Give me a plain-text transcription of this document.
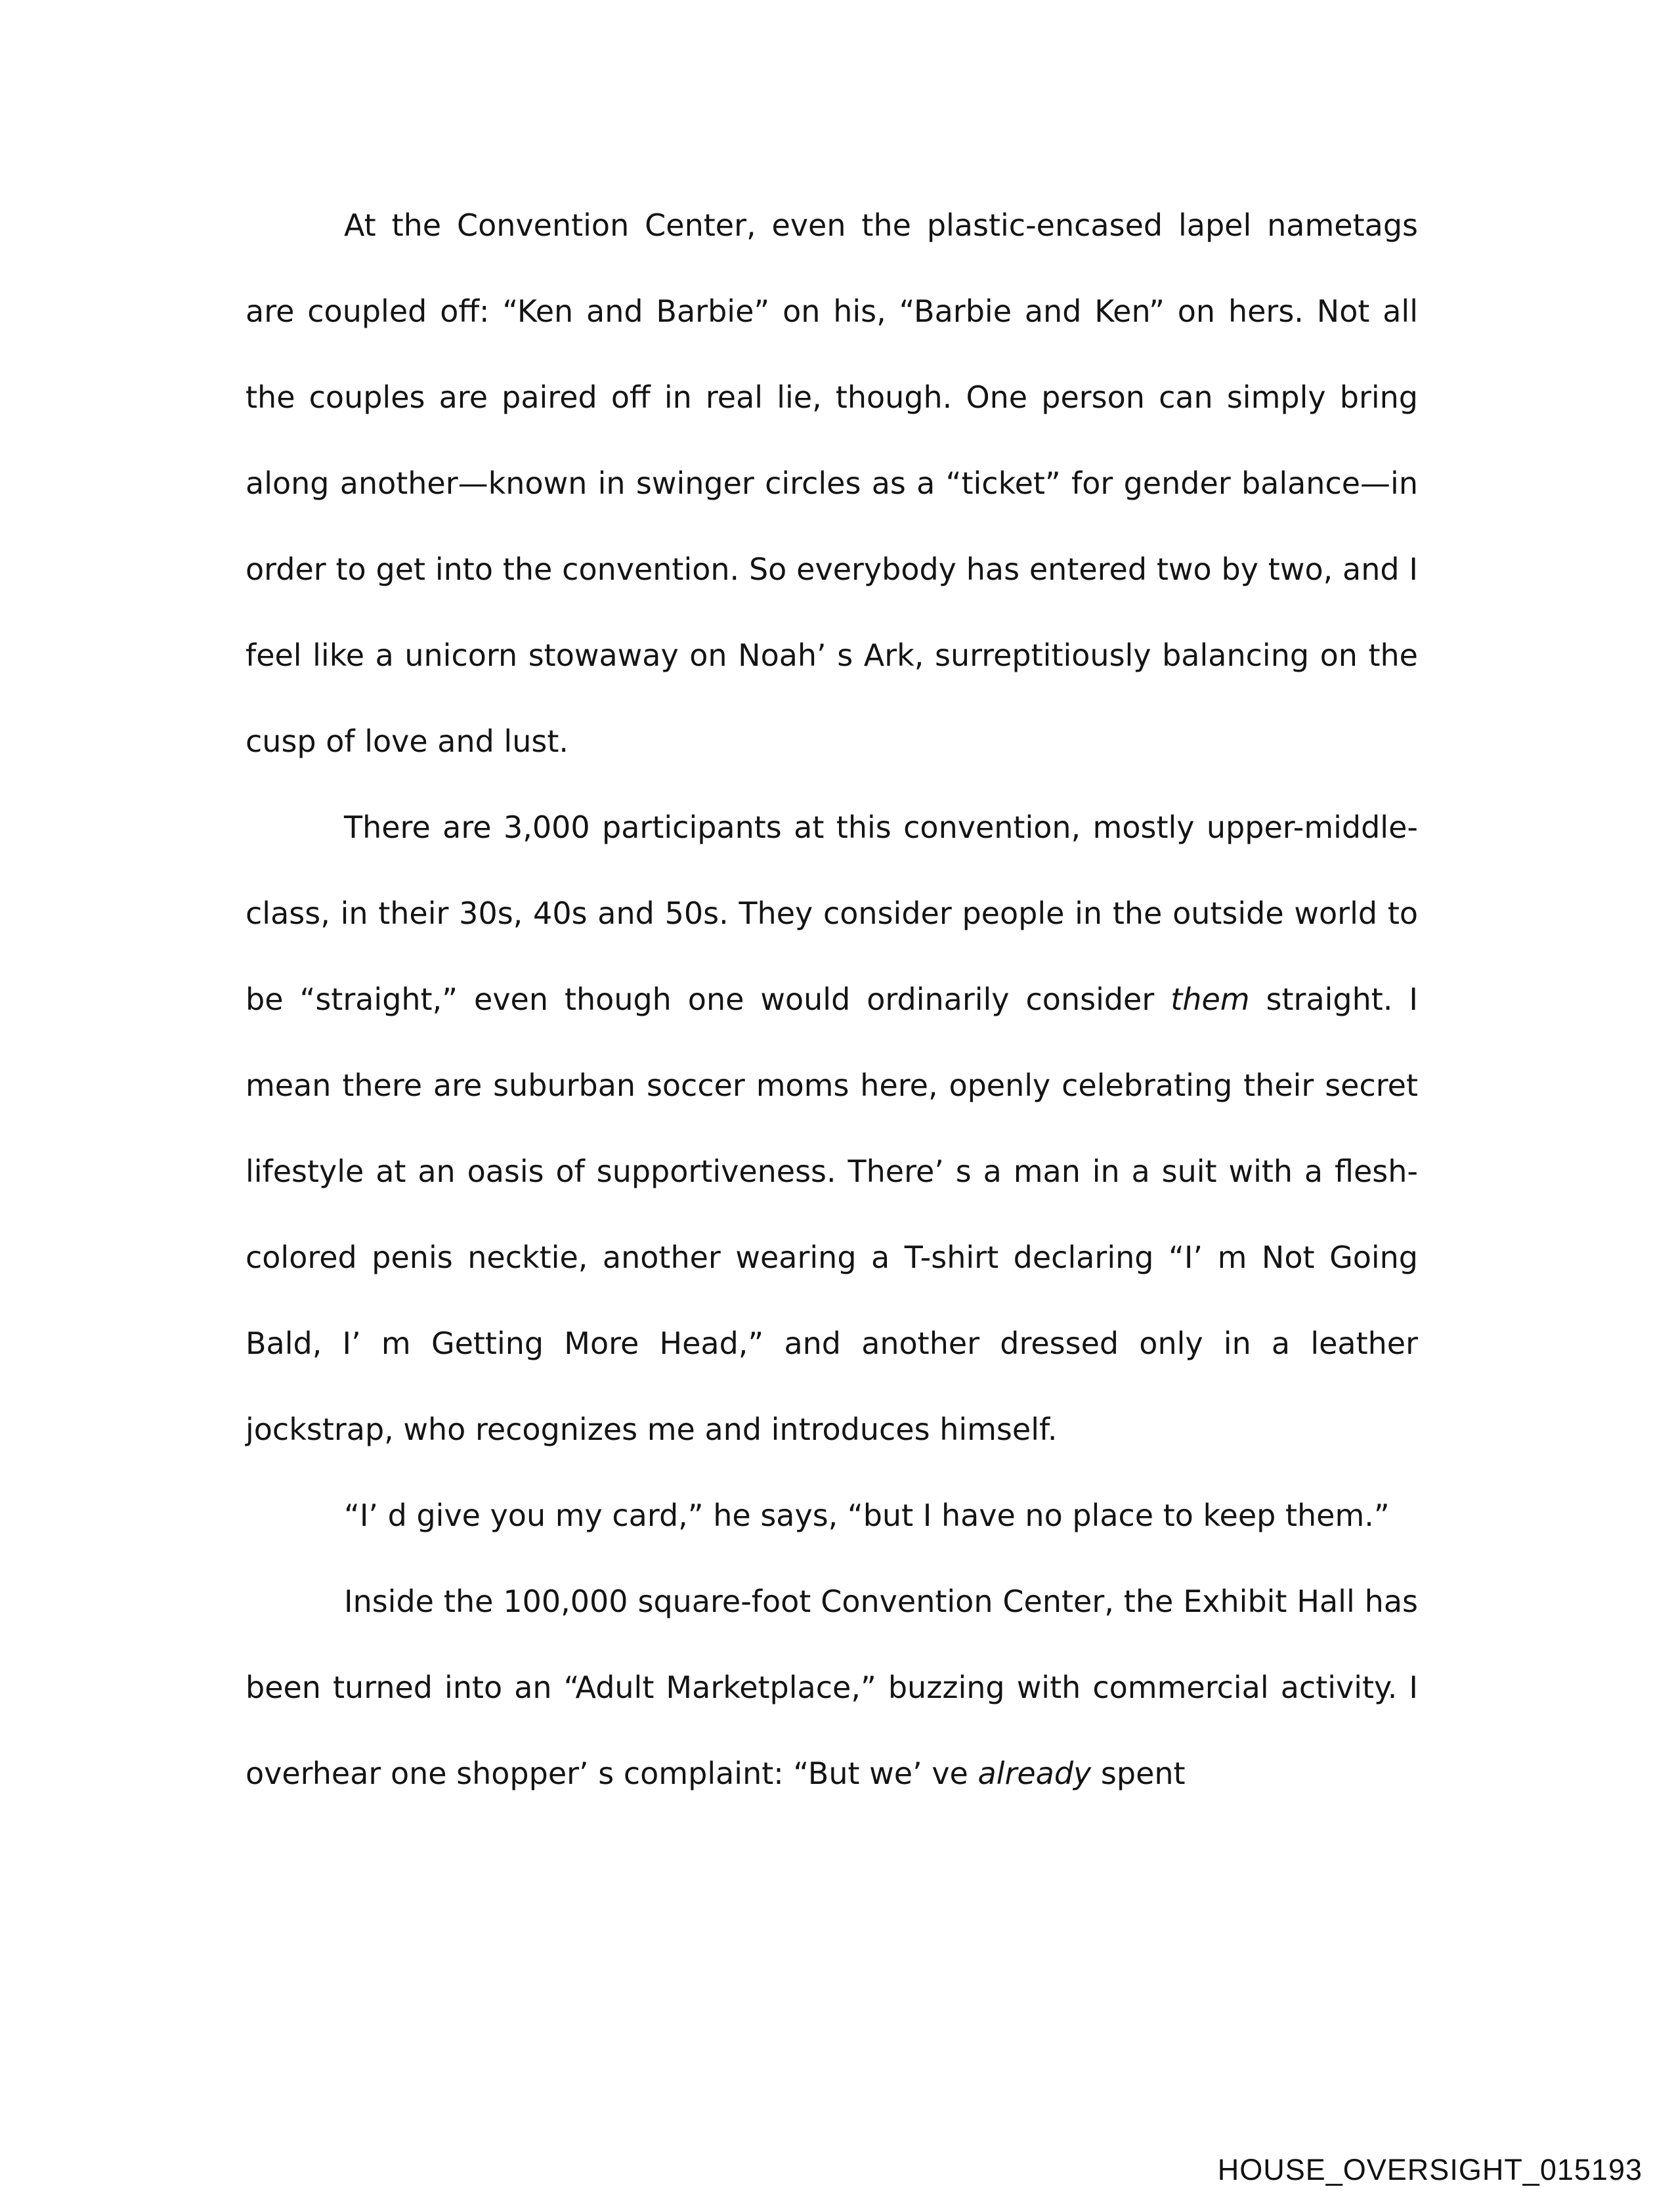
At the Convention Center, even the plastic-encased lapel nametags are coupled off: “Ken and Barbie” on his, “Barbie and Ken” on hers. Not all the couples are paired off in real lie, though. One person can simply bring along another—known in swinger circles as a “ticket” for gender balance—in order to get into the convention. So everybody has entered two by two, and I feel like a unicorn stowaway on Noah’ s Ark, surreptitiously balancing on the cusp of love and lust.

There are 3,000 participants at this convention, mostly upper-middle-class, in their 30s, 40s and 50s. They consider people in the outside world to be “straight,” even though one would ordinarily consider them straight. I mean there are suburban soccer moms here, openly celebrating their secret lifestyle at an oasis of supportiveness. There’ s a man in a suit with a flesh-colored penis necktie, another wearing a T-shirt declaring “I’ m Not Going Bald, I’ m Getting More Head,” and another dressed only in a leather jockstrap, who recognizes me and introduces himself.

“I’ d give you my card,” he says, “but I have no place to keep them.”

Inside the 100,000 square-foot Convention Center, the Exhibit Hall has been turned into an “Adult Marketplace,” buzzing with commercial activity. I overhear one shopper’ s complaint: “But we’ ve already spent

HOUSE_OVERSIGHT_015193
